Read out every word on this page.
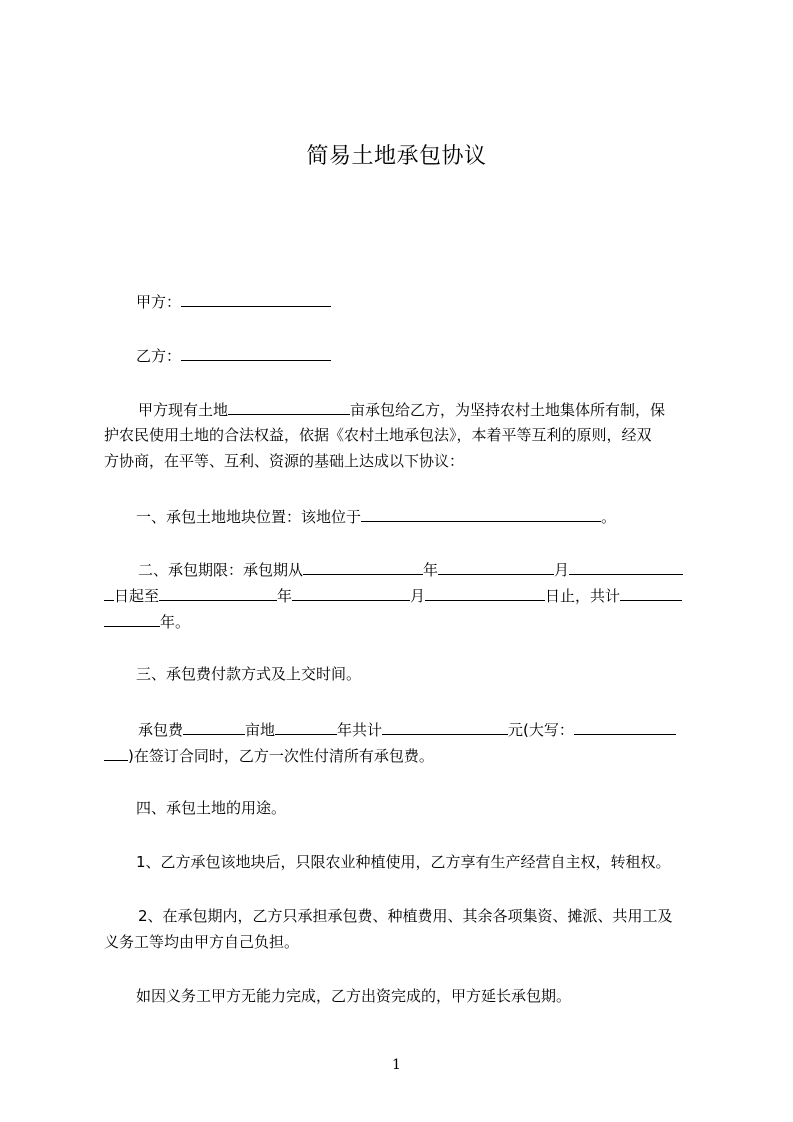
简易土地承包协议
甲方：
乙方：
甲方现有土地	亩承包给乙方，为坚持农村土地集体所有制，保
护农民使用土地的合法权益，依据《农村土地承包法》，本着平等互利的原则，经双
方协商，在平等、互利、资源的基础上达成以下协议：
一、承包土地地块位置：该地位于	。
二、承包期限：承包期从	年	月
日起至	年	月	日止，共计
年。
三、承包费付款方式及上交时间。
承包费	亩地	年共计	元(大写：
)在签订合同时，乙方一次性付清所有承包费。
四、承包土地的用途。
1、乙方承包该地块后，只限农业种植使用，乙方享有生产经营自主权，转租权。
2、在承包期内，乙方只承担承包费、种植费用、其余各项集资、摊派、共用工及
义务工等均由甲方自己负担。
如因义务工甲方无能力完成，乙方出资完成的，甲方延长承包期。
1
